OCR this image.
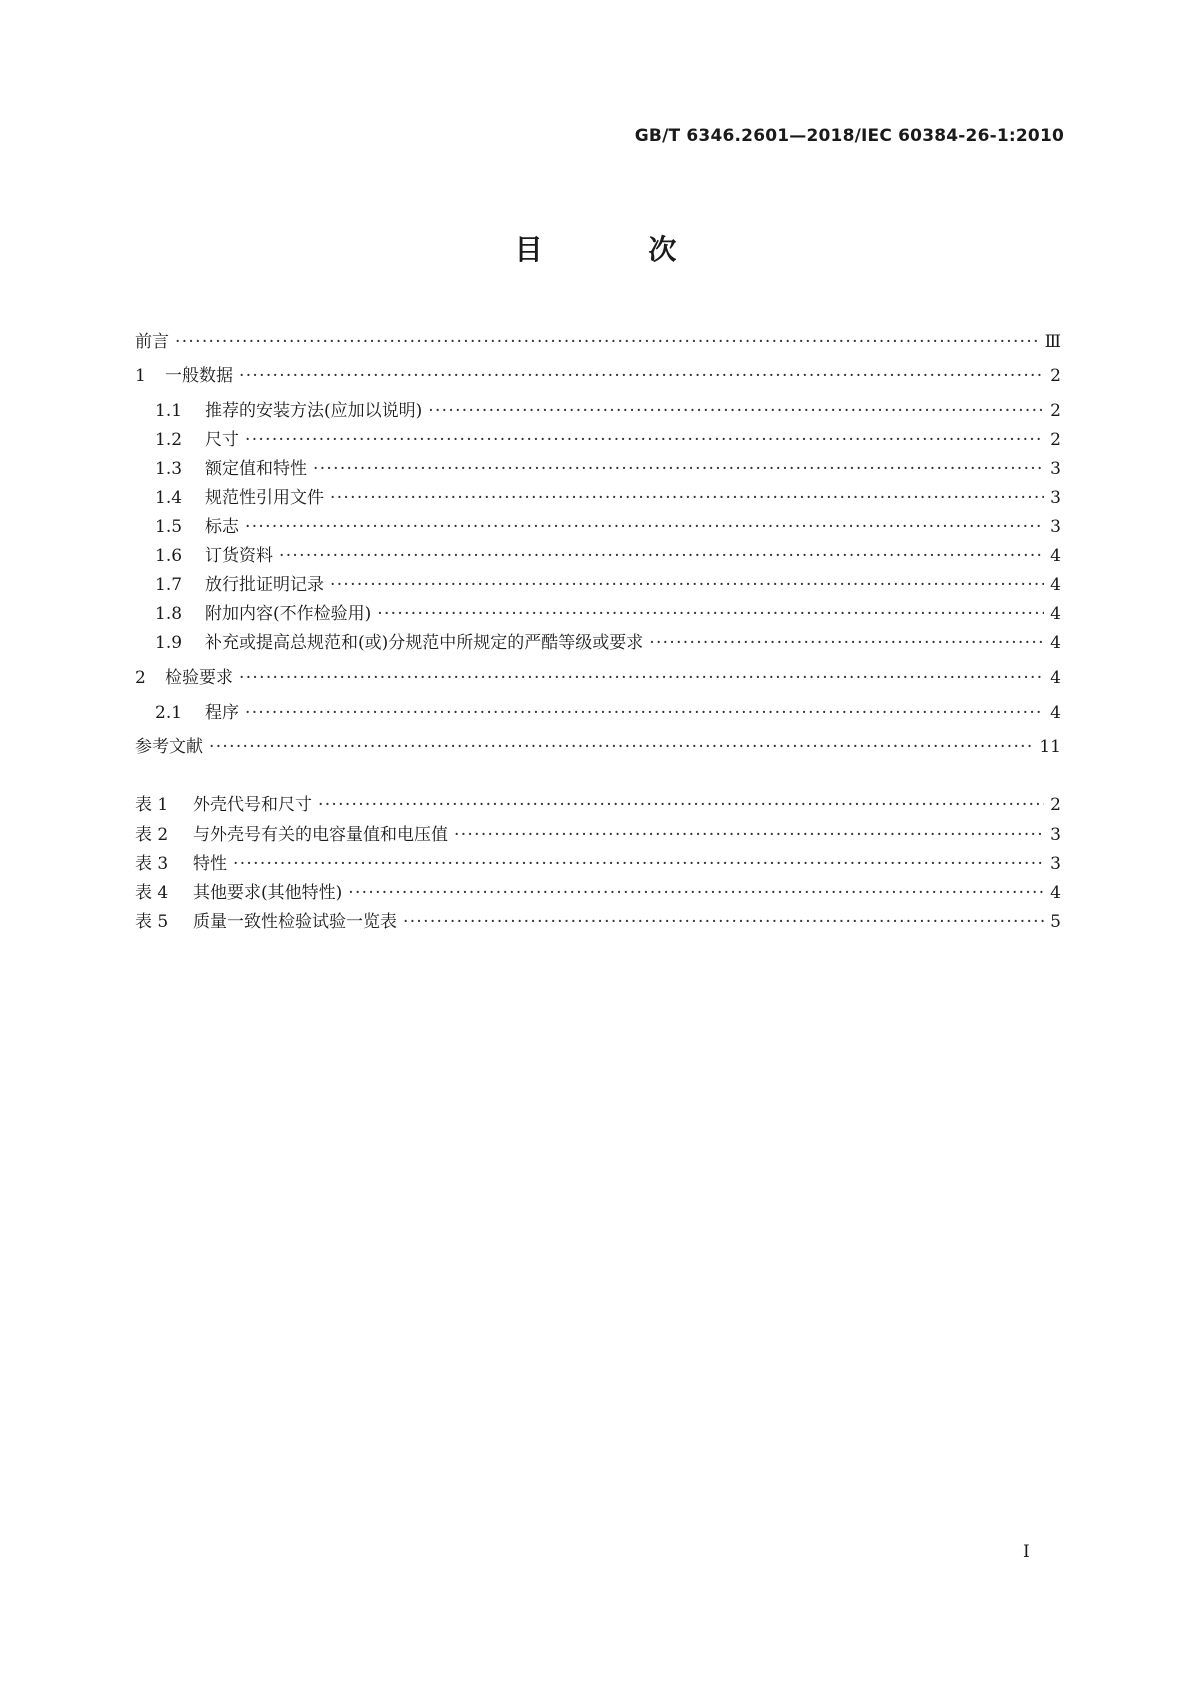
GB/T 6346.2601—2018/IEC 60384-26-1:2010
目 次
前言 ·····	Ⅲ
1	一般数据 ·····	2
1.1	推荐的安装方法(应加以说明) ·····	2
1.2	尺寸 ·····	2
1.3	额定值和特性 ·····	3
1.4	规范性引用文件 ·····	3
1.5	标志 ·····	3
1.6	订货资料 ·····	4
1.7	放行批证明记录 ·····	4
1.8	附加内容(不作检验用) ·····	4
1.9	补充或提高总规范和(或)分规范中所规定的严酷等级或要求 ·····	4
2	检验要求 ·····	4
2.1	程序 ·····	4
参考文献 ·····	11
表 1	外壳代号和尺寸 ·····	2
表 2	与外壳号有关的电容量值和电压值 ·····	3
表 3	特性 ·····	3
表 4	其他要求(其他特性) ·····	4
表 5	质量一致性检验试验一览表 ·····	5
I
